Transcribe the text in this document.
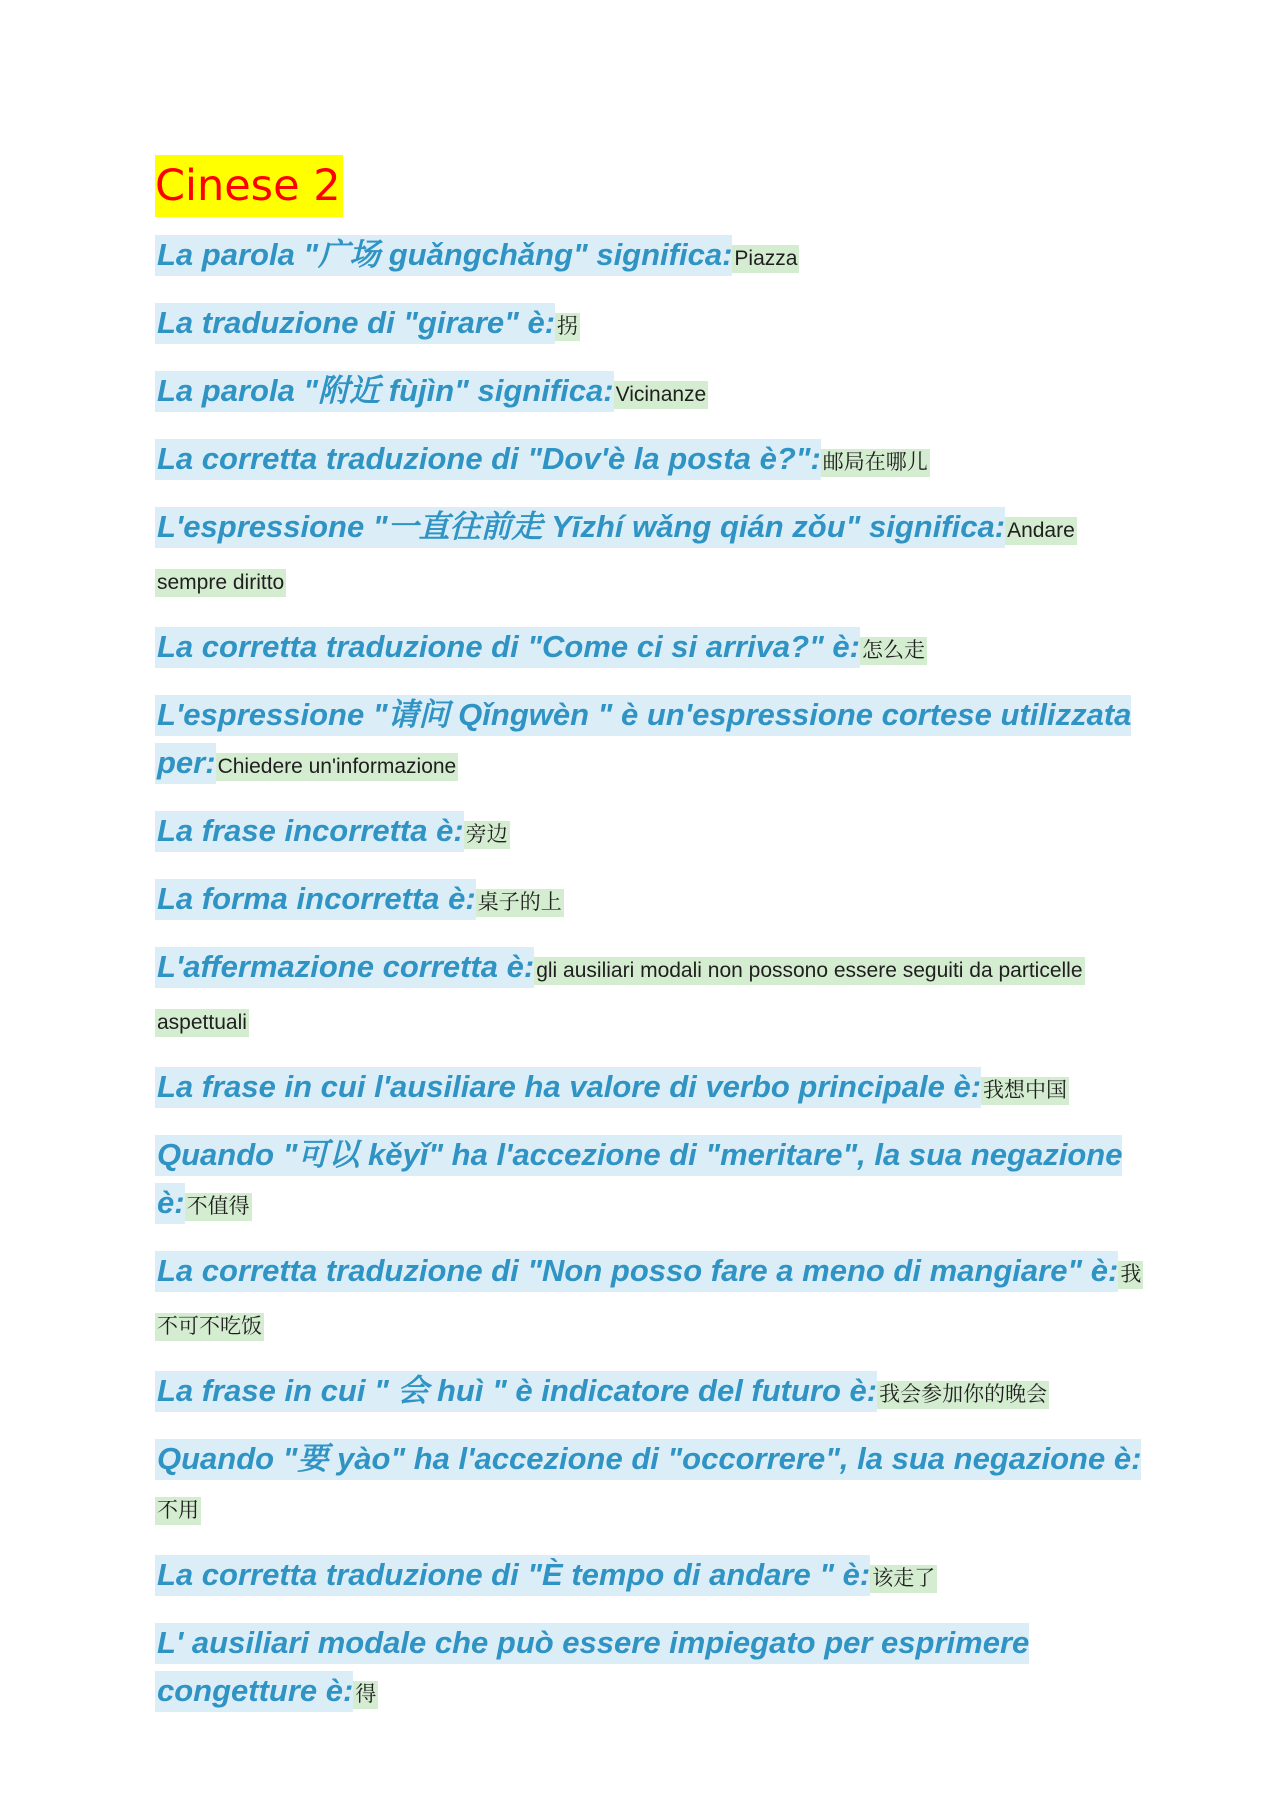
Cinese 2

La parola "广场 guǎngchǎng" significa:Piazza

La traduzione di "girare" è:拐

La parola "附近 fùjìn" significa:Vicinanze

La corretta traduzione di "Dov'è la posta è?":邮局在哪儿

L'espressione "一直往前走 Yīzhí wǎng qián zǒu" significa:Andare sempre diritto

La corretta traduzione di "Come ci si arriva?" è:怎么走

L'espressione "请问 Qǐngwèn " è un'espressione cortese utilizzata per:Chiedere un'informazione

La frase incorretta è:旁边

La forma incorretta è:桌子的上

L'affermazione corretta è:gli ausiliari modali non possono essere seguiti da particelle aspettuali

La frase in cui l'ausiliare ha valore di verbo principale è:我想中国

Quando "可以 kěyǐ" ha l'accezione di "meritare", la sua negazione è:不值得

La corretta traduzione di "Non posso fare a meno di mangiare" è:我不可不吃饭

La frase in cui " 会 huì " è indicatore del futuro è:我会参加你的晚会

Quando "要 yào" ha l'accezione di "occorrere", la sua negazione è:不用

La corretta traduzione di "È tempo di andare " è:该走了

L' ausiliari modale che può essere impiegato per esprimere congetture è:得
